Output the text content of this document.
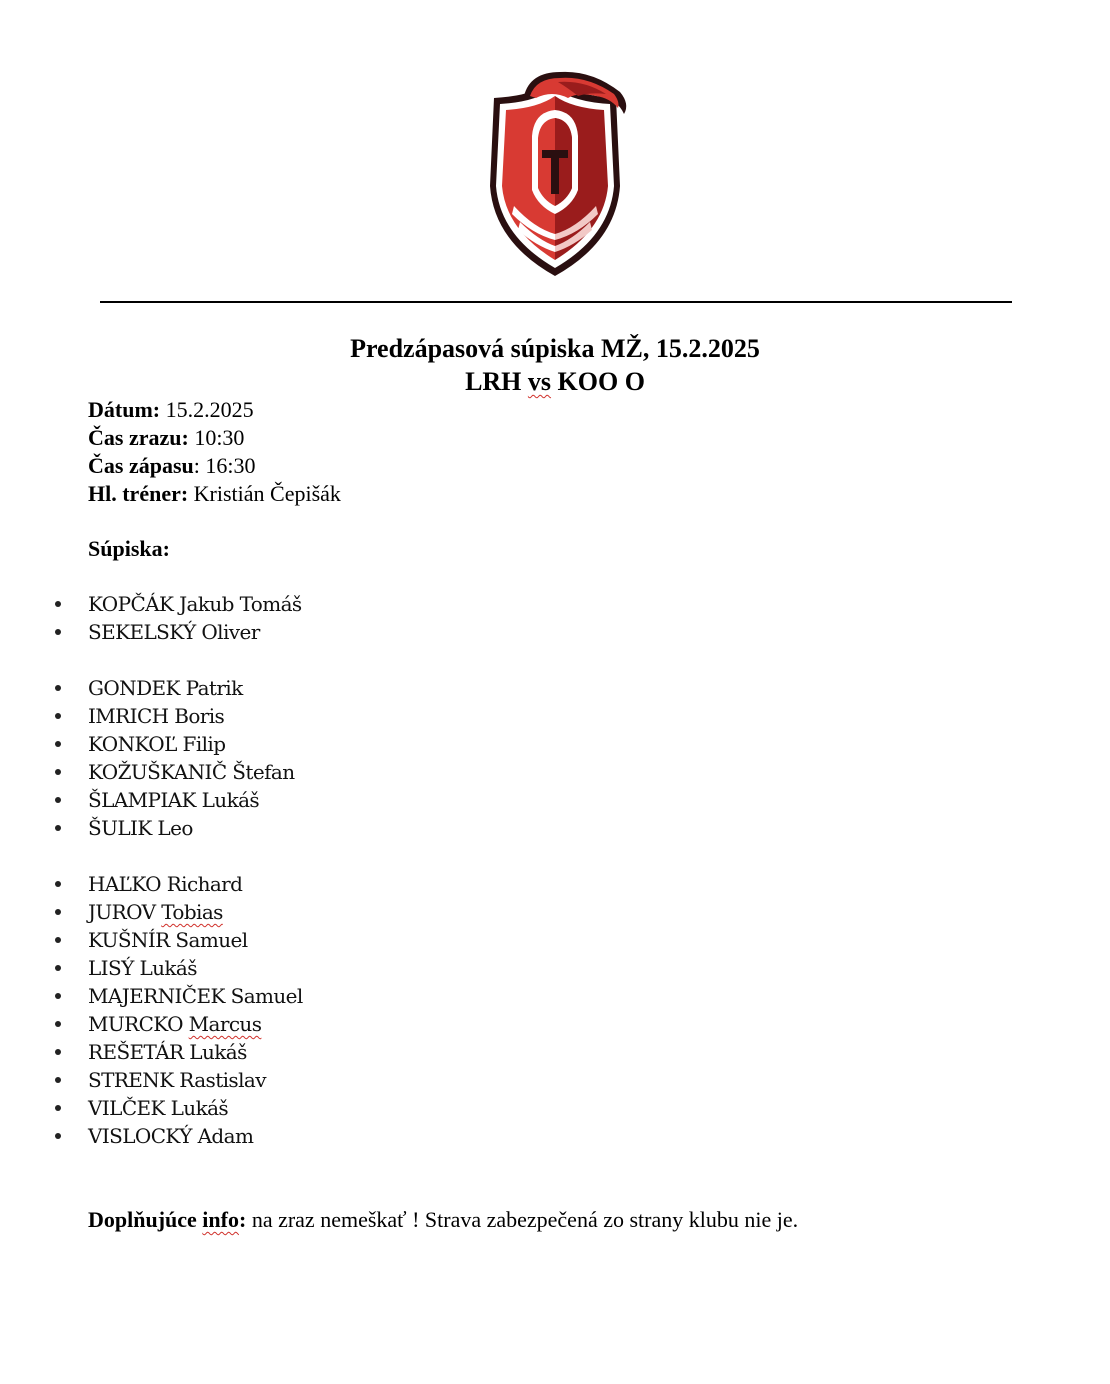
Predzápasová súpiska MŽ, 15.2.2025
LRH vs KOO O
Dátum: 15.2.2025
Čas zrazu: 10:30
Čas zápasu: 16:30
Hl. tréner: Kristián Čepišák
Súpiska:
KOPČÁK Jakub Tomáš
SEKELSKÝ Oliver
GONDEK Patrik
IMRICH Boris
KONKOĽ Filip
KOŽUŠKANIČ Štefan
ŠLAMPIAK Lukáš
ŠULIK Leo
HAĽKO Richard
JUROV Tobias
KUŠNÍR Samuel
LISÝ Lukáš
MAJERNIČEK Samuel
MURCKO Marcus
REŠETÁR Lukáš
STRENK Rastislav
VILČEK Lukáš
VISLOCKÝ Adam
Doplňujúce info: na zraz nemeškať ! Strava zabezpečená zo strany klubu nie je.
